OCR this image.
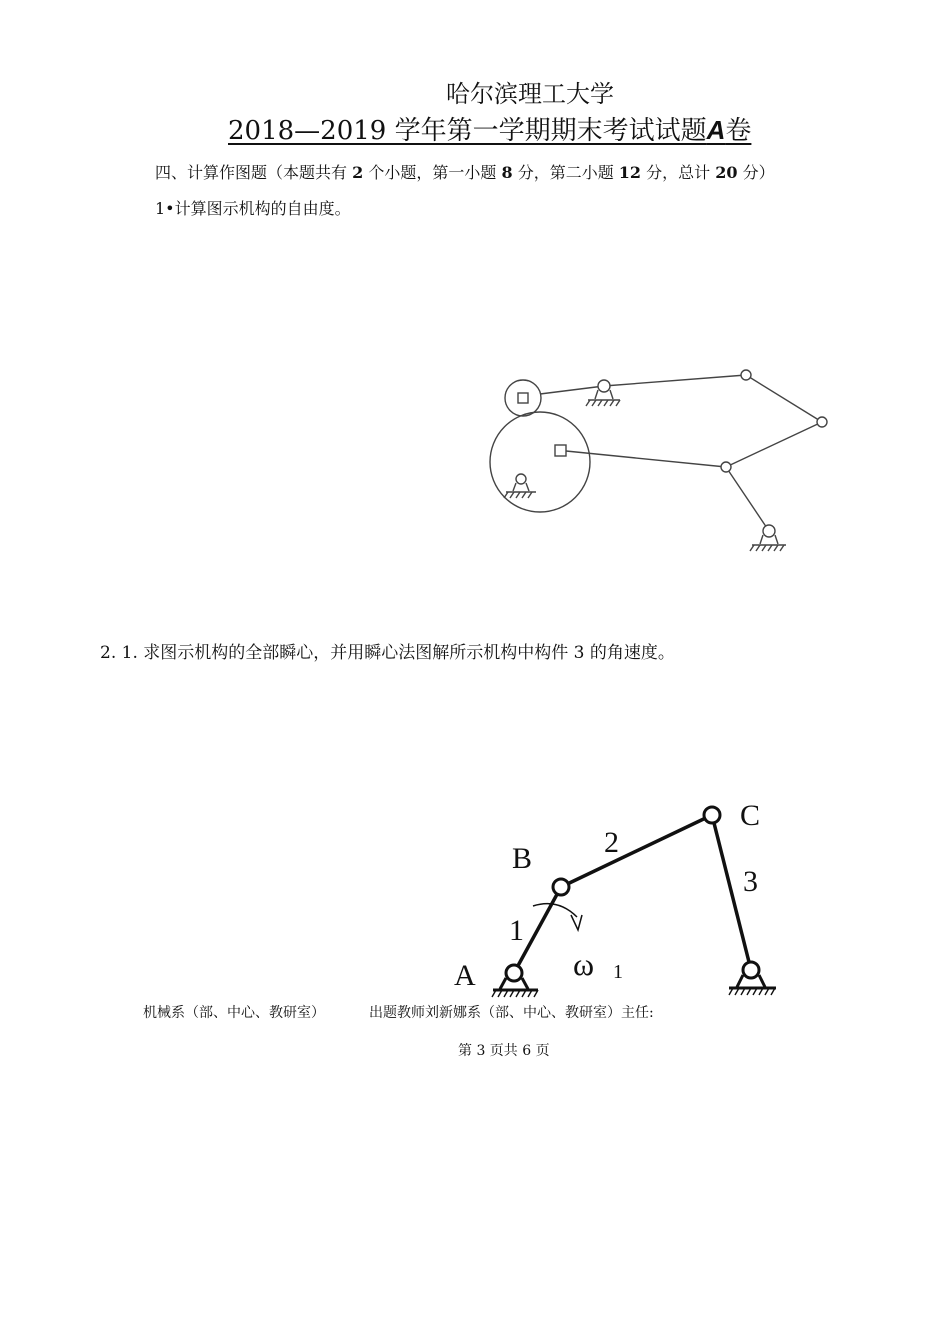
哈尔滨理工大学
2018—2019 学年第一学期期末考试试题A卷
四、计算作图题（本题共有 2 个小题，第一小题 8 分，第二小题 12 分，总计 20 分）
1•计算图示机构的自由度。
2. 1. 求图示机构的全部瞬心，并用瞬心法图解所示机构中构件 3 的角速度。
B
C
A
1
2
3
ω 1
机械系（部、中心、教研室）	出题教师刘新娜系（部、中心、教研室）主任:
第 3 页共 6 页
